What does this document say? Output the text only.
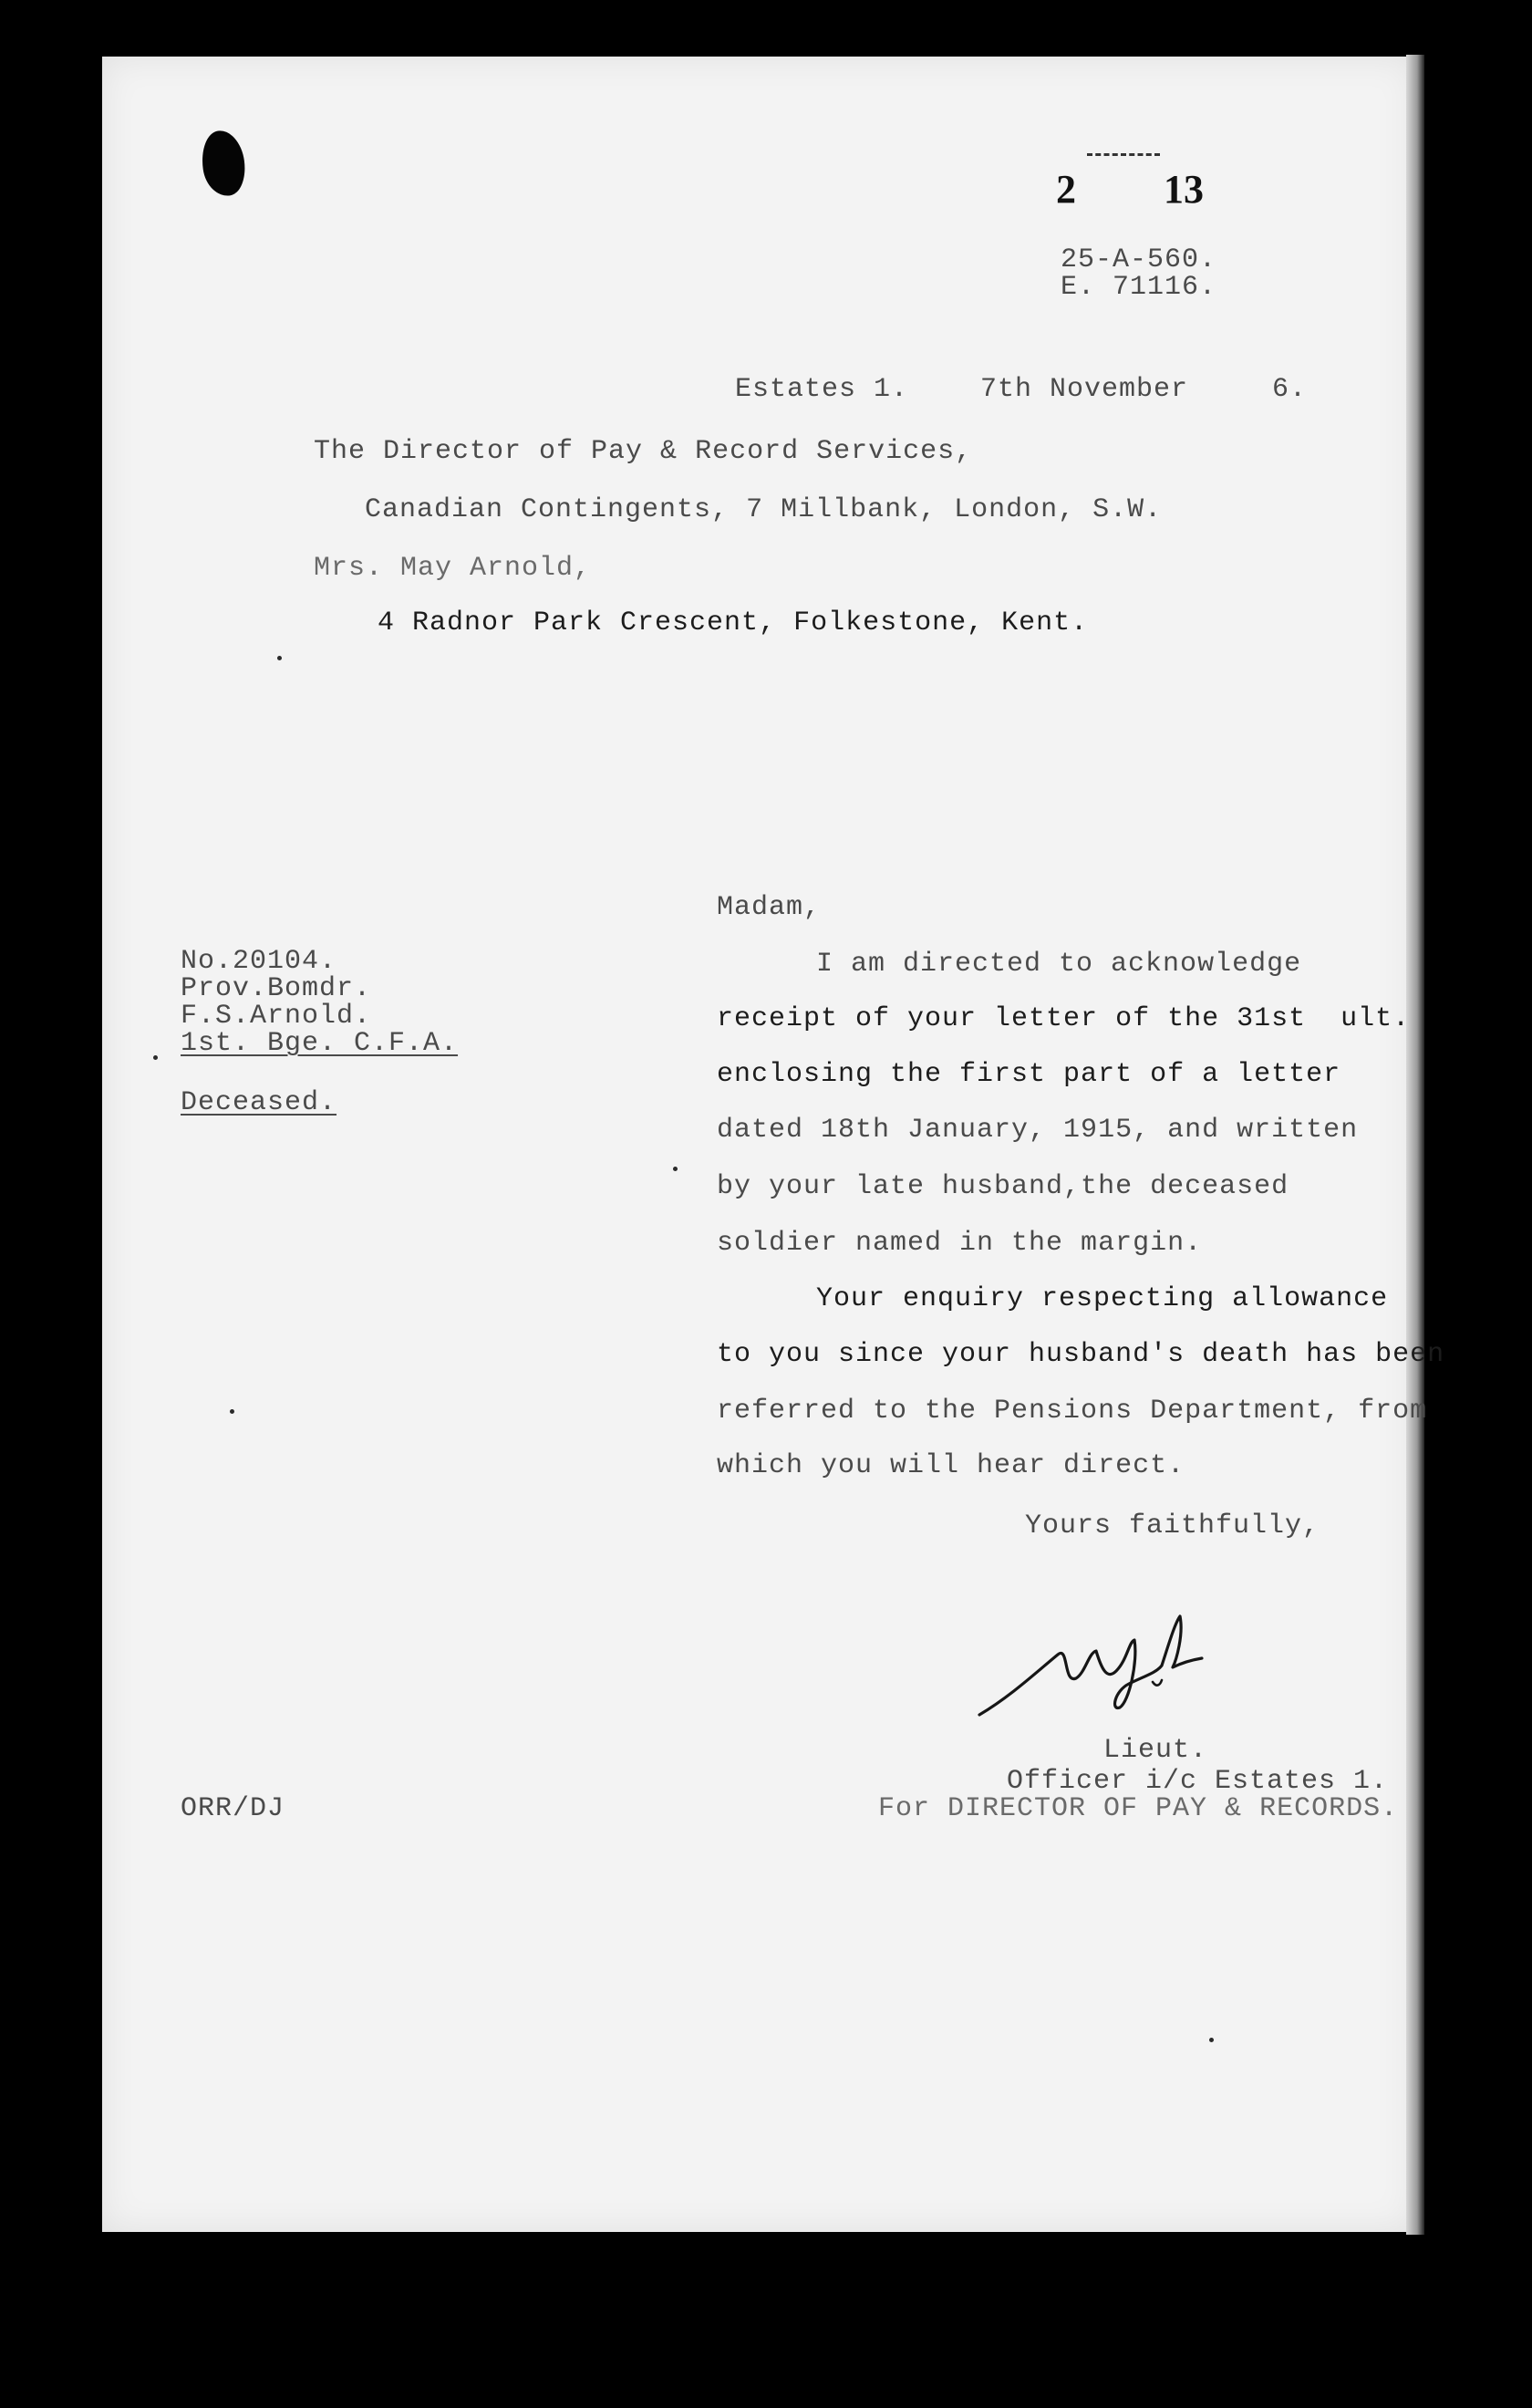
2 13
25-A-560.
E. 71116.
Estates 1.	7th November	6.
The Director of Pay & Record Services,
Canadian Contingents, 7 Millbank, London, S.W.
Mrs. May Arnold,
4 Radnor Park Crescent, Folkestone, Kent.
No.20104.
Prov.Bomdr.
F.S.Arnold.
1st. Bge. C.F.A.
Deceased.
Madam,
I am directed to acknowledge
receipt of your letter of the 31st  ult.
enclosing the first part of a letter
dated 18th January, 1915, and written
by your late husband,the deceased
soldier named in the margin.
Your enquiry respecting allowance
to you since your husband's death has been
referred to the Pensions Department, from
which you will hear direct.
Yours faithfully,
Lieut.
Officer i/c Estates 1.
For DIRECTOR OF PAY & RECORDS.
ORR/DJ
